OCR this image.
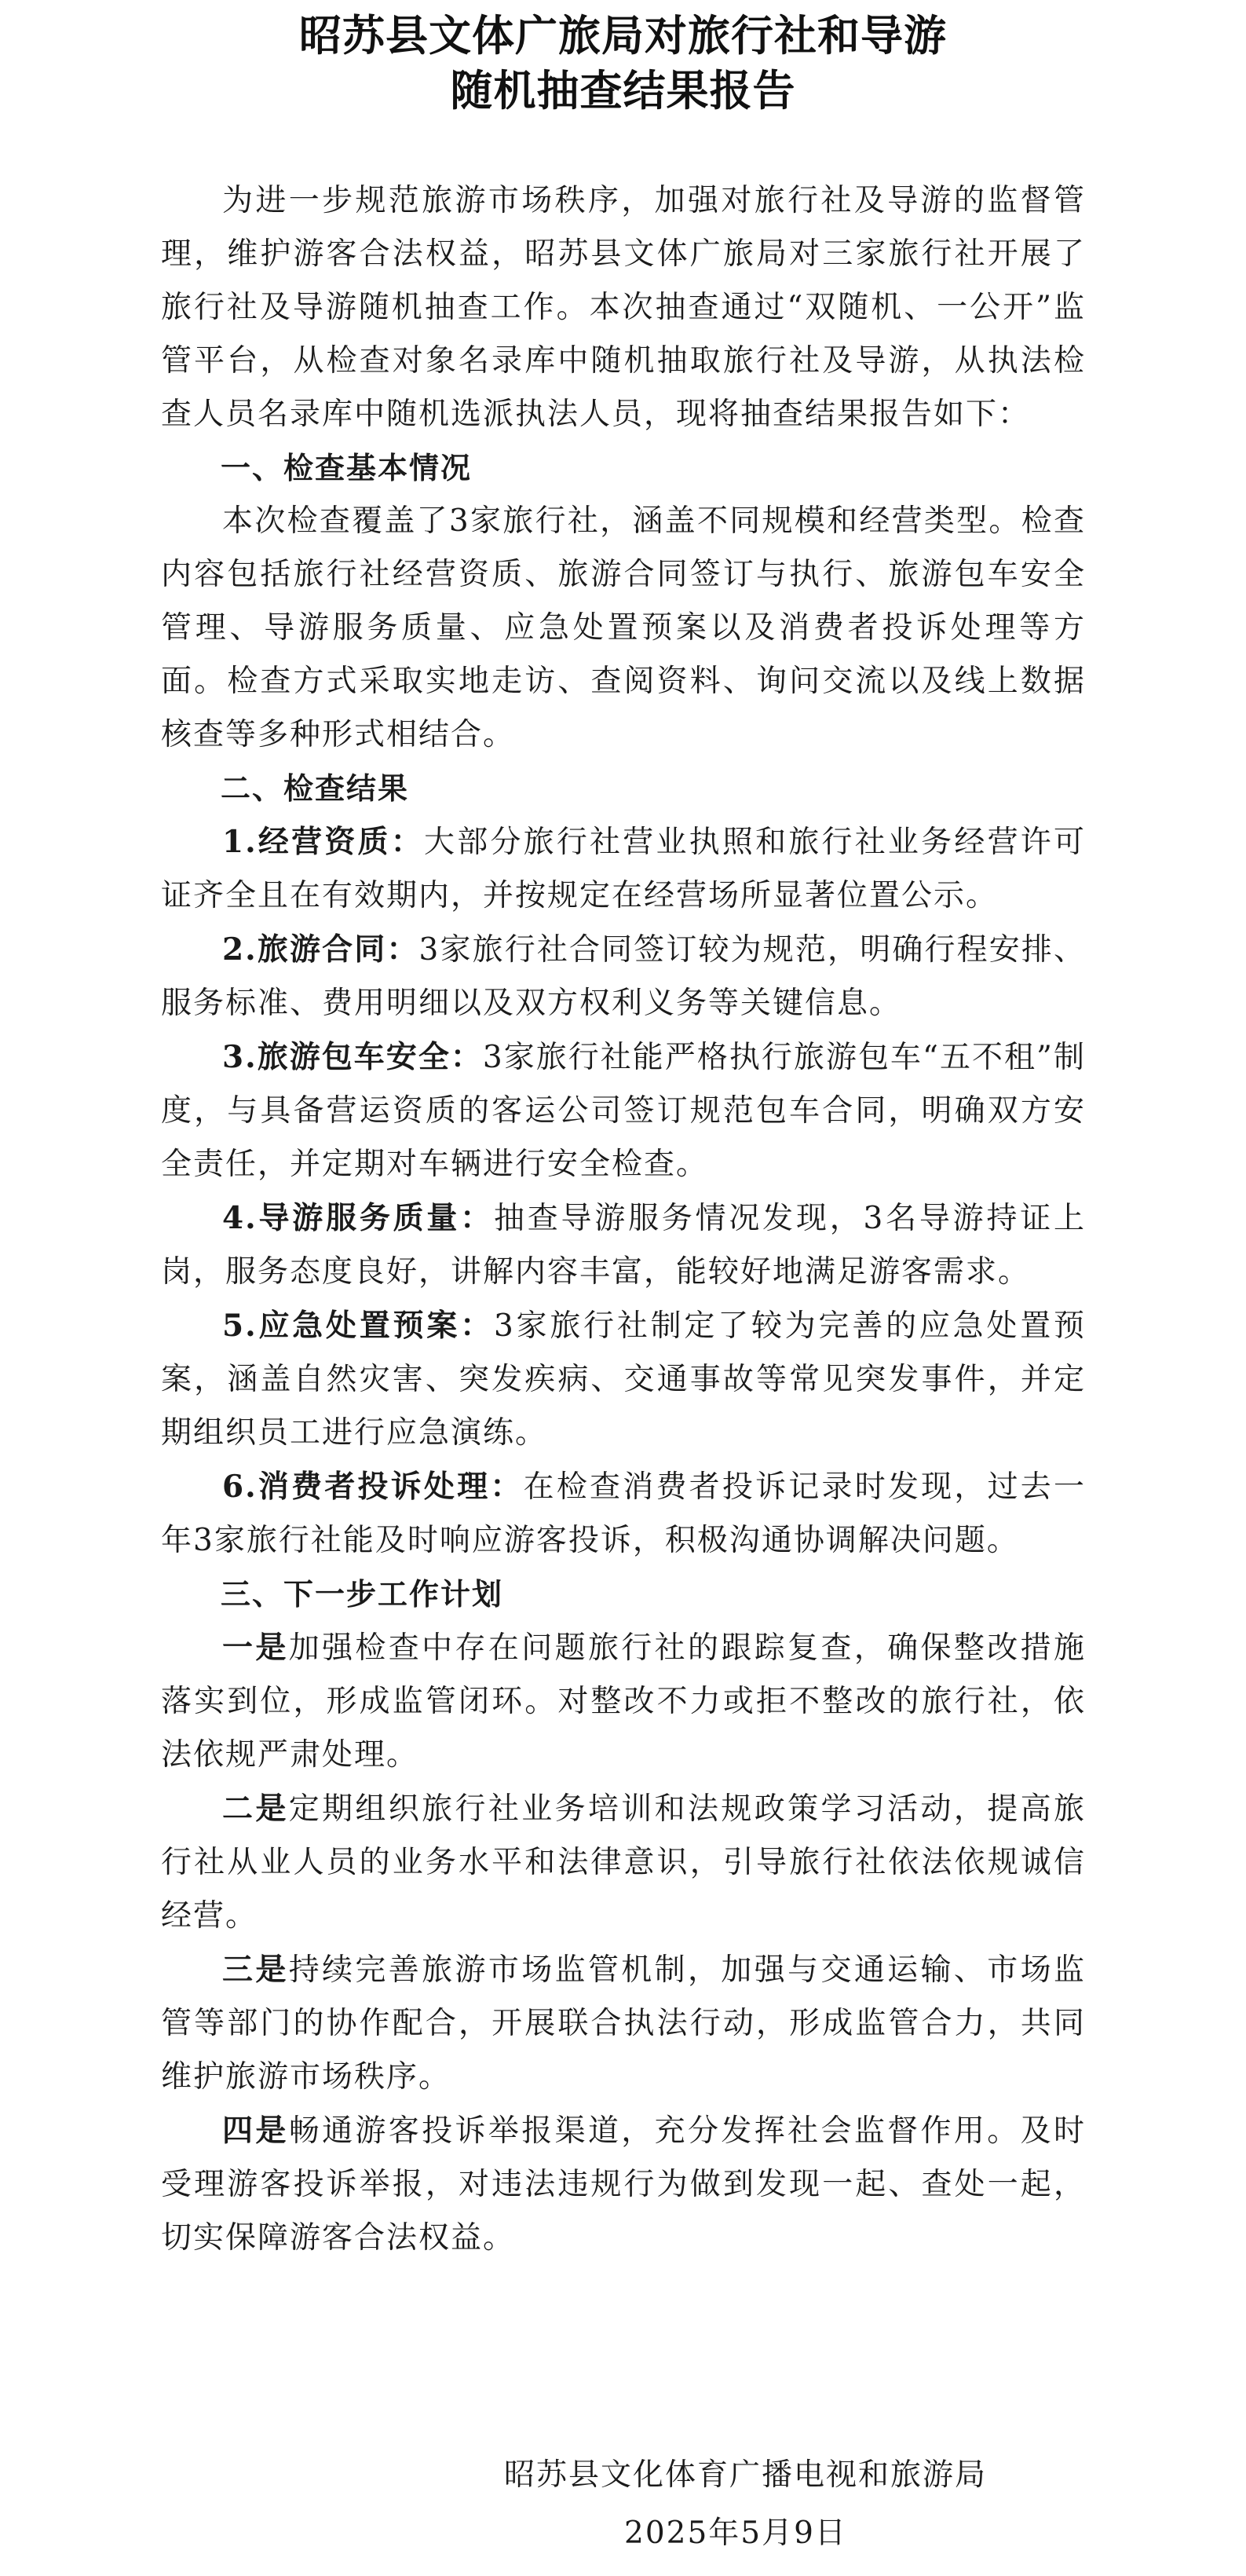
昭苏县文体广旅局对旅行社和导游
随机抽查结果报告

为进一步规范旅游市场秩序，加强对旅行社及导游的监督管理，维护游客合法权益，昭苏县文体广旅局对三家旅行社开展了旅行社及导游随机抽查工作。本次抽查通过“双随机、一公开”监管平台，从检查对象名录库中随机抽取旅行社及导游，从执法检查人员名录库中随机选派执法人员，现将抽查结果报告如下：

一、检查基本情况

本次检查覆盖了3家旅行社，涵盖不同规模和经营类型。检查内容包括旅行社经营资质、旅游合同签订与执行、旅游包车安全管理、导游服务质量、应急处置预案以及消费者投诉处理等方面。检查方式采取实地走访、查阅资料、询问交流以及线上数据核查等多种形式相结合。

二、检查结果

1.经营资质：大部分旅行社营业执照和旅行社业务经营许可证齐全且在有效期内，并按规定在经营场所显著位置公示。

2.旅游合同：3家旅行社合同签订较为规范，明确行程安排、服务标准、费用明细以及双方权利义务等关键信息。

3.旅游包车安全：3家旅行社能严格执行旅游包车“五不租”制度，与具备营运资质的客运公司签订规范包车合同，明确双方安全责任，并定期对车辆进行安全检查。

4.导游服务质量：抽查导游服务情况发现，3名导游持证上岗，服务态度良好，讲解内容丰富，能较好地满足游客需求。

5.应急处置预案：3家旅行社制定了较为完善的应急处置预案，涵盖自然灾害、突发疾病、交通事故等常见突发事件，并定期组织员工进行应急演练。

6.消费者投诉处理：在检查消费者投诉记录时发现，过去一年3家旅行社能及时响应游客投诉，积极沟通协调解决问题。

三、下一步工作计划

一是加强检查中存在问题旅行社的跟踪复查，确保整改措施落实到位，形成监管闭环。对整改不力或拒不整改的旅行社，依法依规严肃处理。

二是定期组织旅行社业务培训和法规政策学习活动，提高旅行社从业人员的业务水平和法律意识，引导旅行社依法依规诚信经营。

三是持续完善旅游市场监管机制，加强与交通运输、市场监管等部门的协作配合，开展联合执法行动，形成监管合力，共同维护旅游市场秩序。

四是畅通游客投诉举报渠道，充分发挥社会监督作用。及时受理游客投诉举报，对违法违规行为做到发现一起、查处一起，切实保障游客合法权益。

昭苏县文化体育广播电视和旅游局
2025年5月9日
